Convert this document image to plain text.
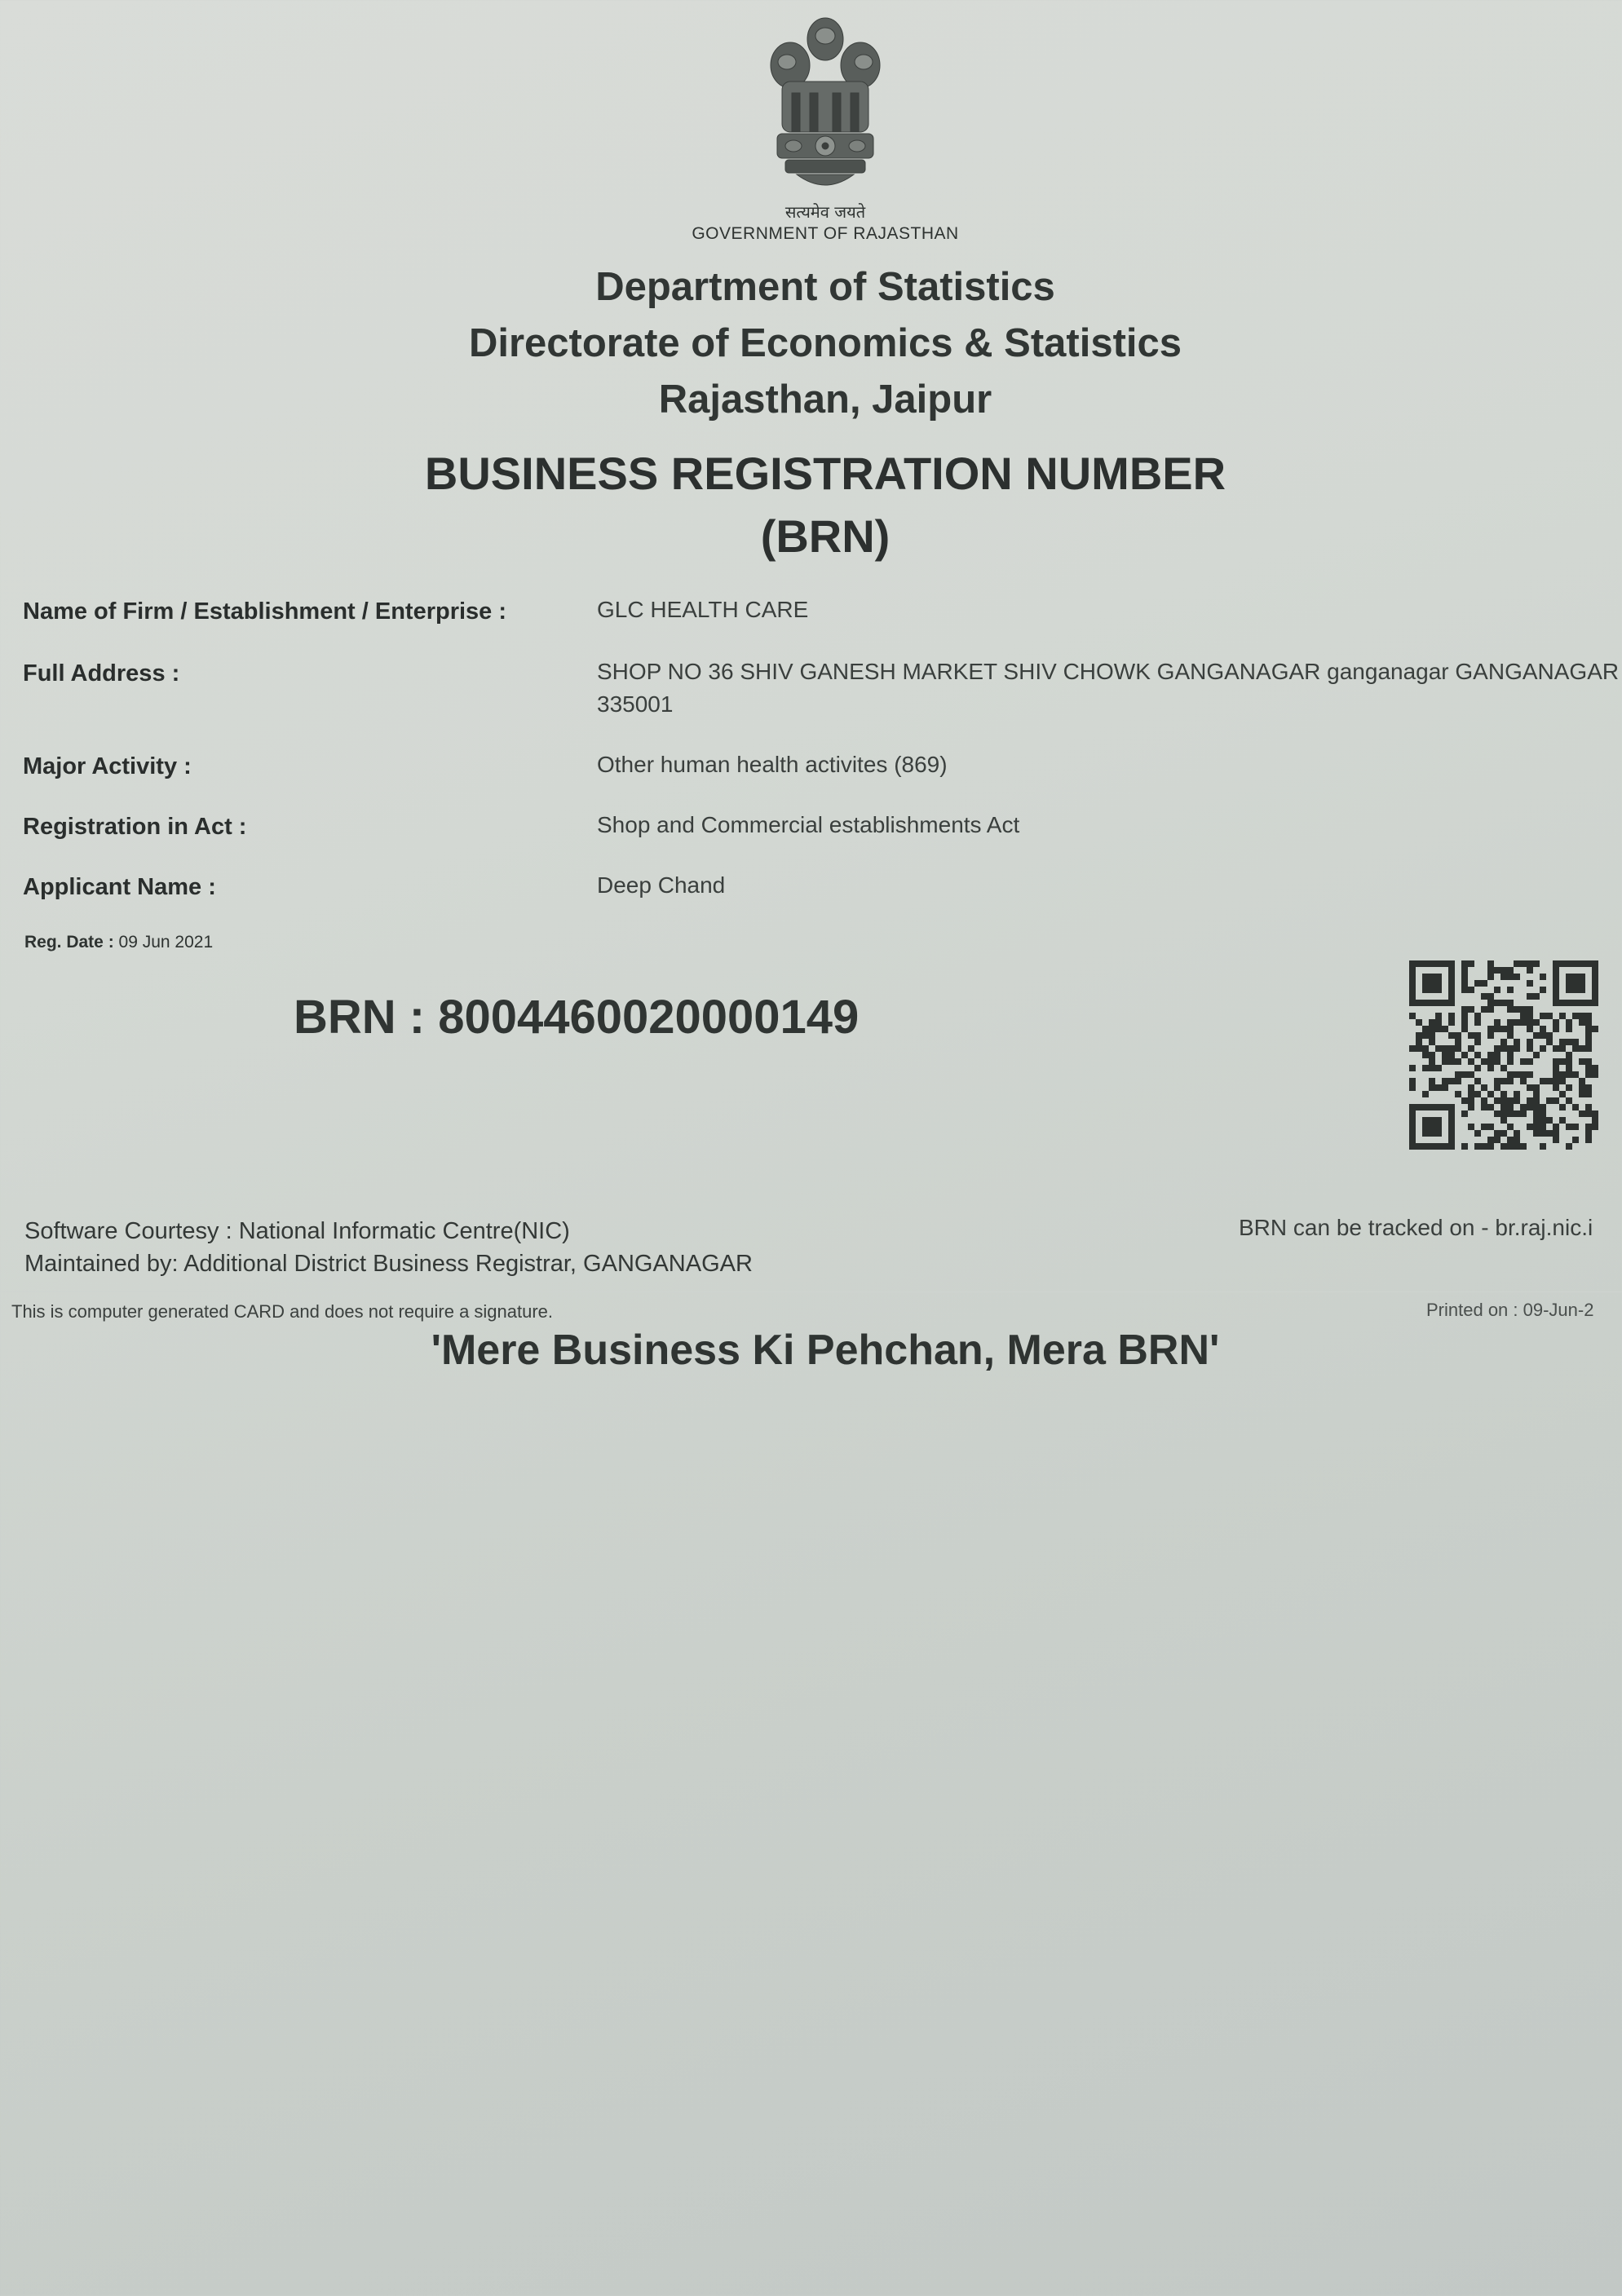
सत्यमेव जयते
GOVERNMENT OF RAJASTHAN
Department of Statistics
Directorate of Economics & Statistics
Rajasthan, Jaipur
BUSINESS REGISTRATION NUMBER
(BRN)
Name of Firm / Establishment / Enterprise :	GLC HEALTH CARE
Full Address :	SHOP NO 36 SHIV GANESH MARKET SHIV CHOWK GANGANAGAR ganganagar GANGANAGAR
335001
Major Activity :	Other human health activites (869)
Registration in Act :	Shop and Commercial establishments Act
Applicant Name :	Deep Chand
Reg. Date : 09 Jun 2021
BRN : 8004460020000149
Software Courtesy : National Informatic Centre(NIC)
Maintained by: Additional District Business Registrar, GANGANAGAR
BRN can be tracked on - br.raj.nic.i
This is computer generated CARD and does not require a signature.	Printed on : 09-Jun-2
'Mere Business Ki Pehchan, Mera BRN'
